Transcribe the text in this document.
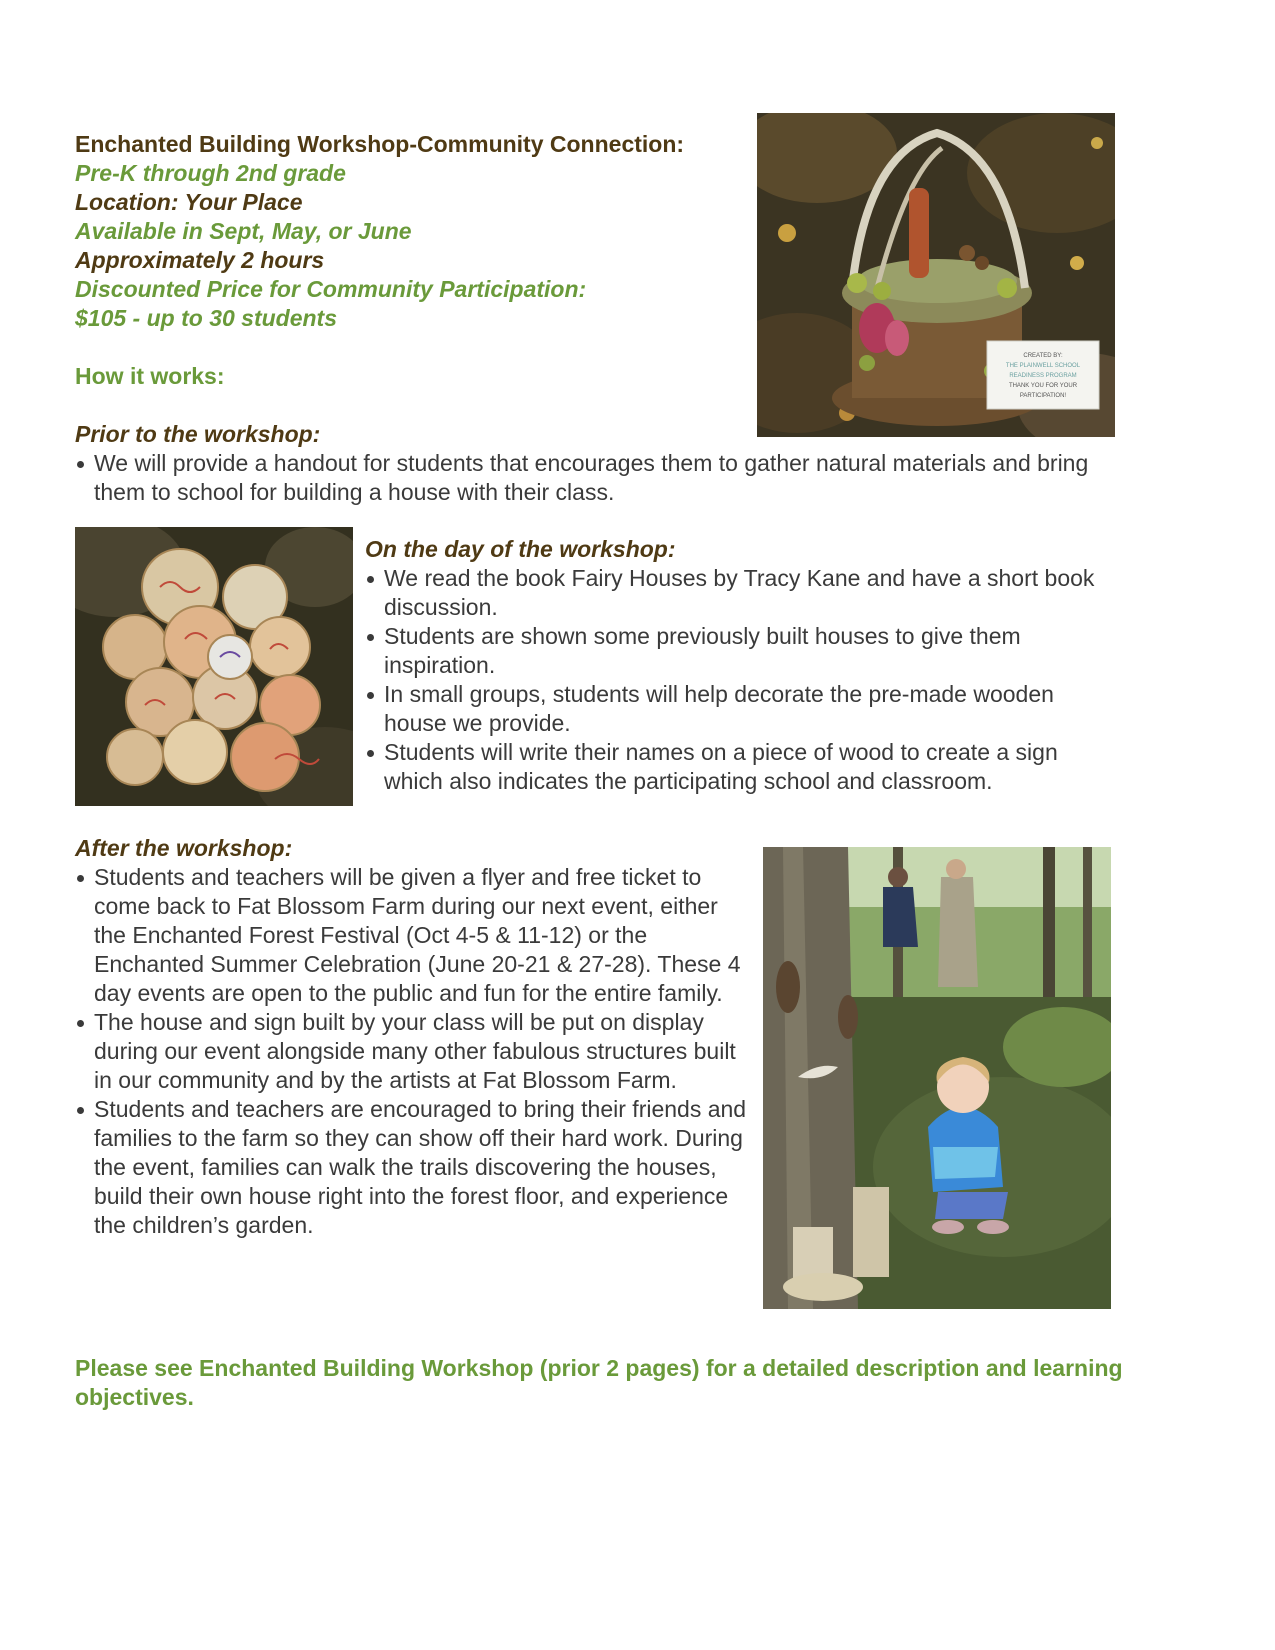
Enchanted Building Workshop-Community Connection:

Pre-K through 2nd grade

Location: Your Place

Available in Sept, May, or June

Approximately 2 hours

Discounted Price for Community Participation:

$105 - up to 30 students

How it works:

Prior to the workshop:

We will provide a handout for students that encourages them to gather natural materials and bring them to school for building a house with their class.

On the day of the workshop:

We read the book Fairy Houses by Tracy Kane and have a short book discussion.
Students are shown some previously built houses to give them inspiration.
In small groups, students will help decorate the pre-made wooden house we provide.
Students will write their names on a piece of wood to create a sign which also indicates the participating school and classroom.

After the workshop:

Students and teachers will be given a flyer and free ticket to come back to Fat Blossom Farm during our next event, either the Enchanted Forest Festival (Oct 4-5 & 11-12) or the Enchanted Summer Celebration (June 20-21 & 27-28). These 4 day events are open to the public and fun for the entire family.
The house and sign built by your class will be put on display during our event alongside many other fabulous structures built in our community and by the artists at Fat Blossom Farm.
Students and teachers are encouraged to bring their friends and families to the farm so they can show off their hard work. During the event, families can walk the trails discovering the houses, build their own house right into the forest floor, and experience the children’s garden.

Please see Enchanted Building Workshop (prior 2 pages) for a detailed description and learning objectives.

CREATED BY:
THE PLAINWELL SCHOOL
READINESS PROGRAM
THANK YOU FOR YOUR
PARTICIPATION!
